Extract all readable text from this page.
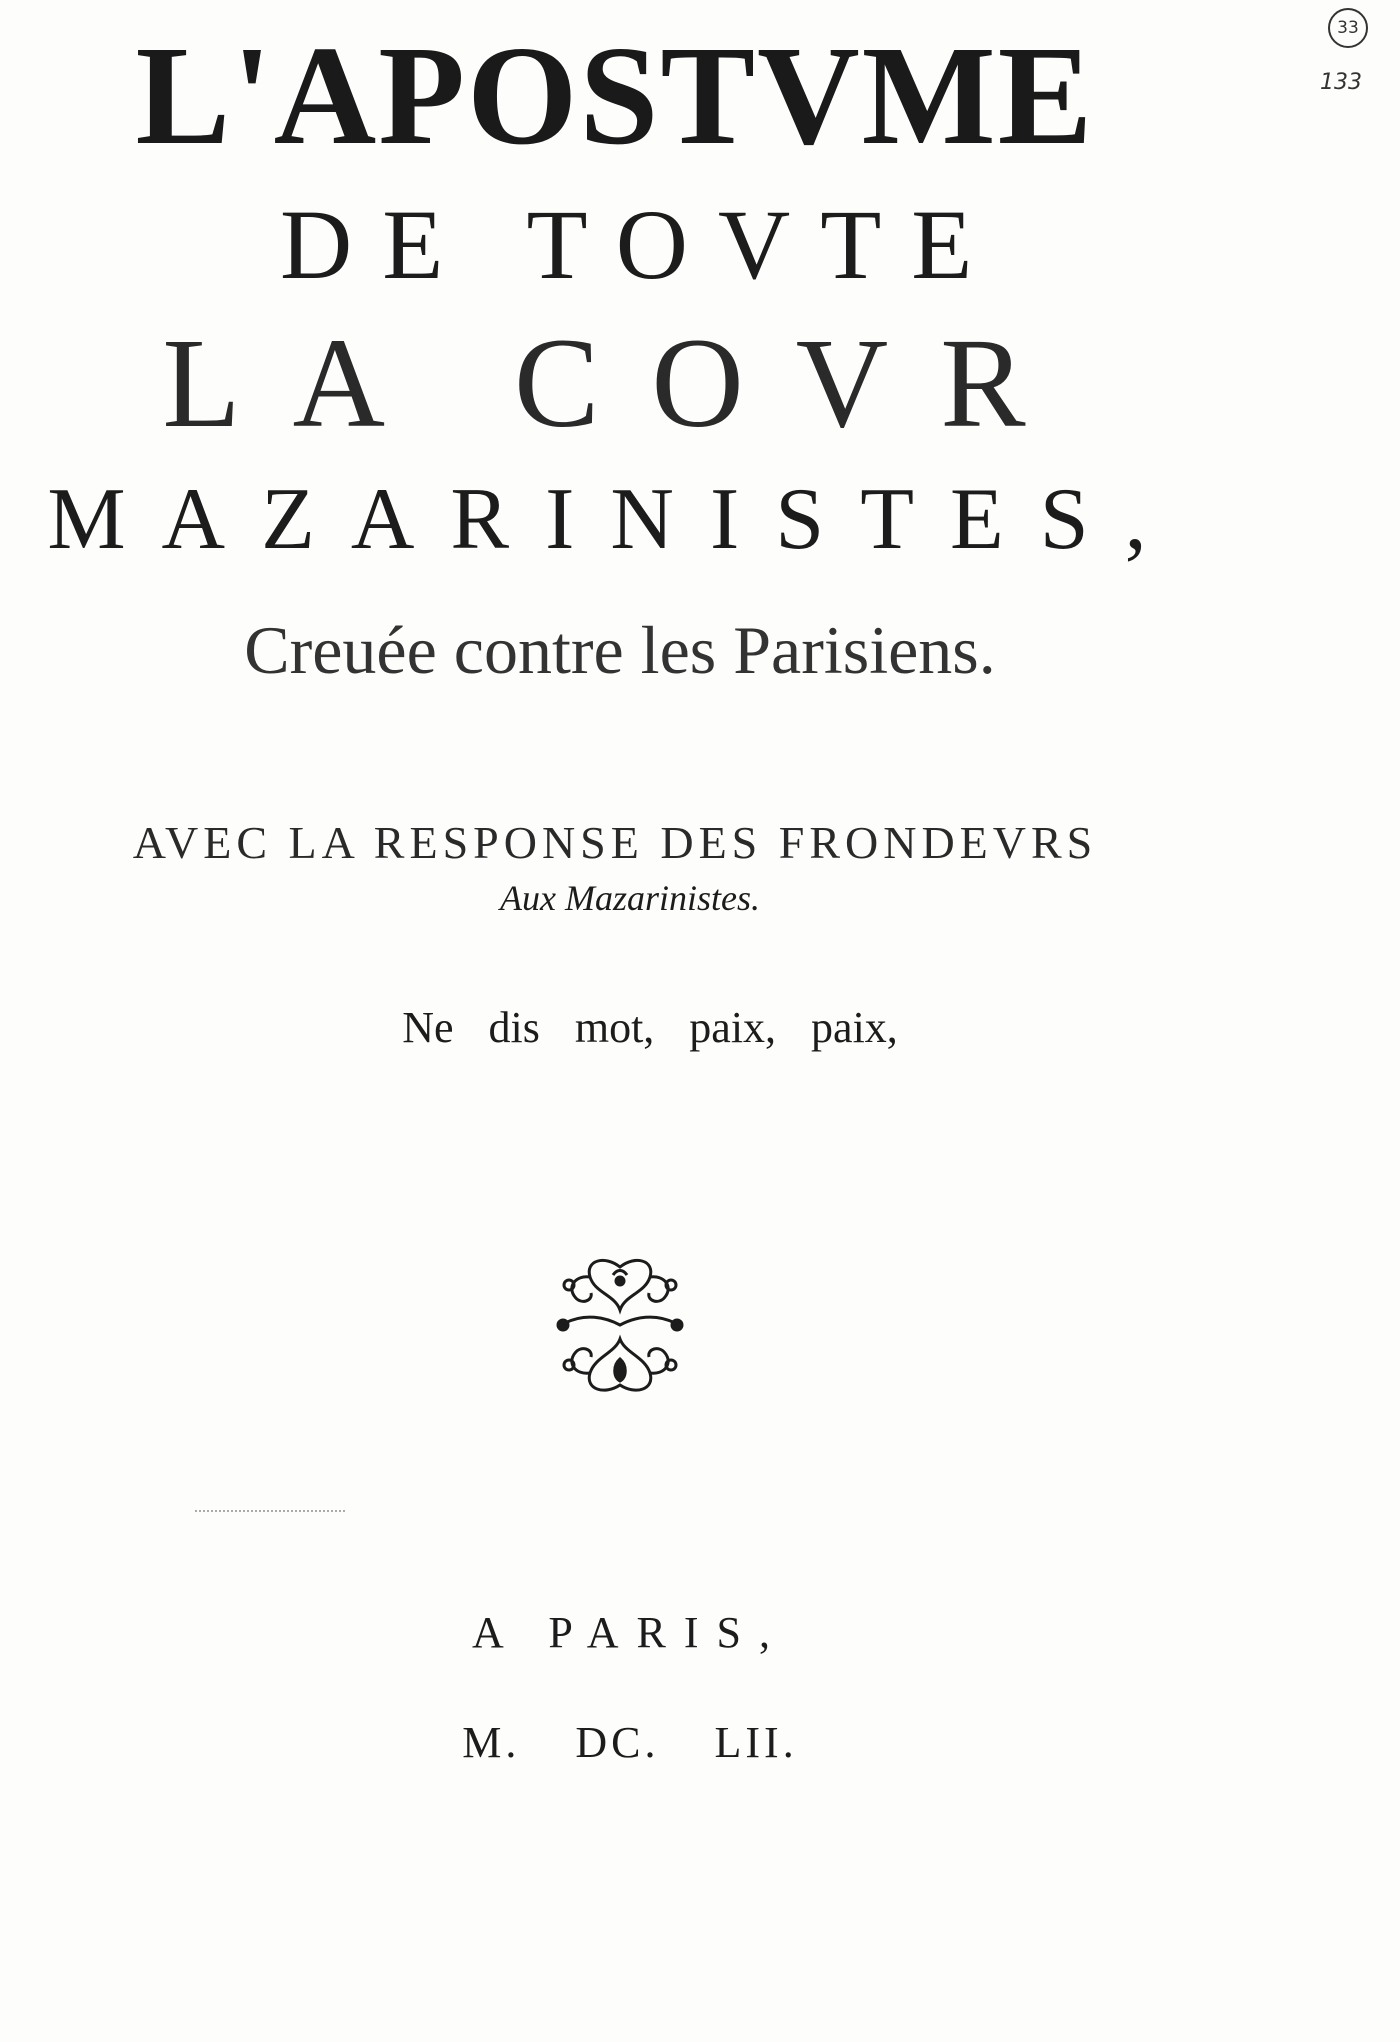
L'APOSTVME
DE TOVTE
LA COVR
MAZARINISTES,
Creuée contre les Parisiens.
AVEC LA RESPONSE DES FRONDEVRS
Aux Mazarinistes.
Ne dis mot, paix, paix,
A PARIS,
M. DC. LII.
33
133
